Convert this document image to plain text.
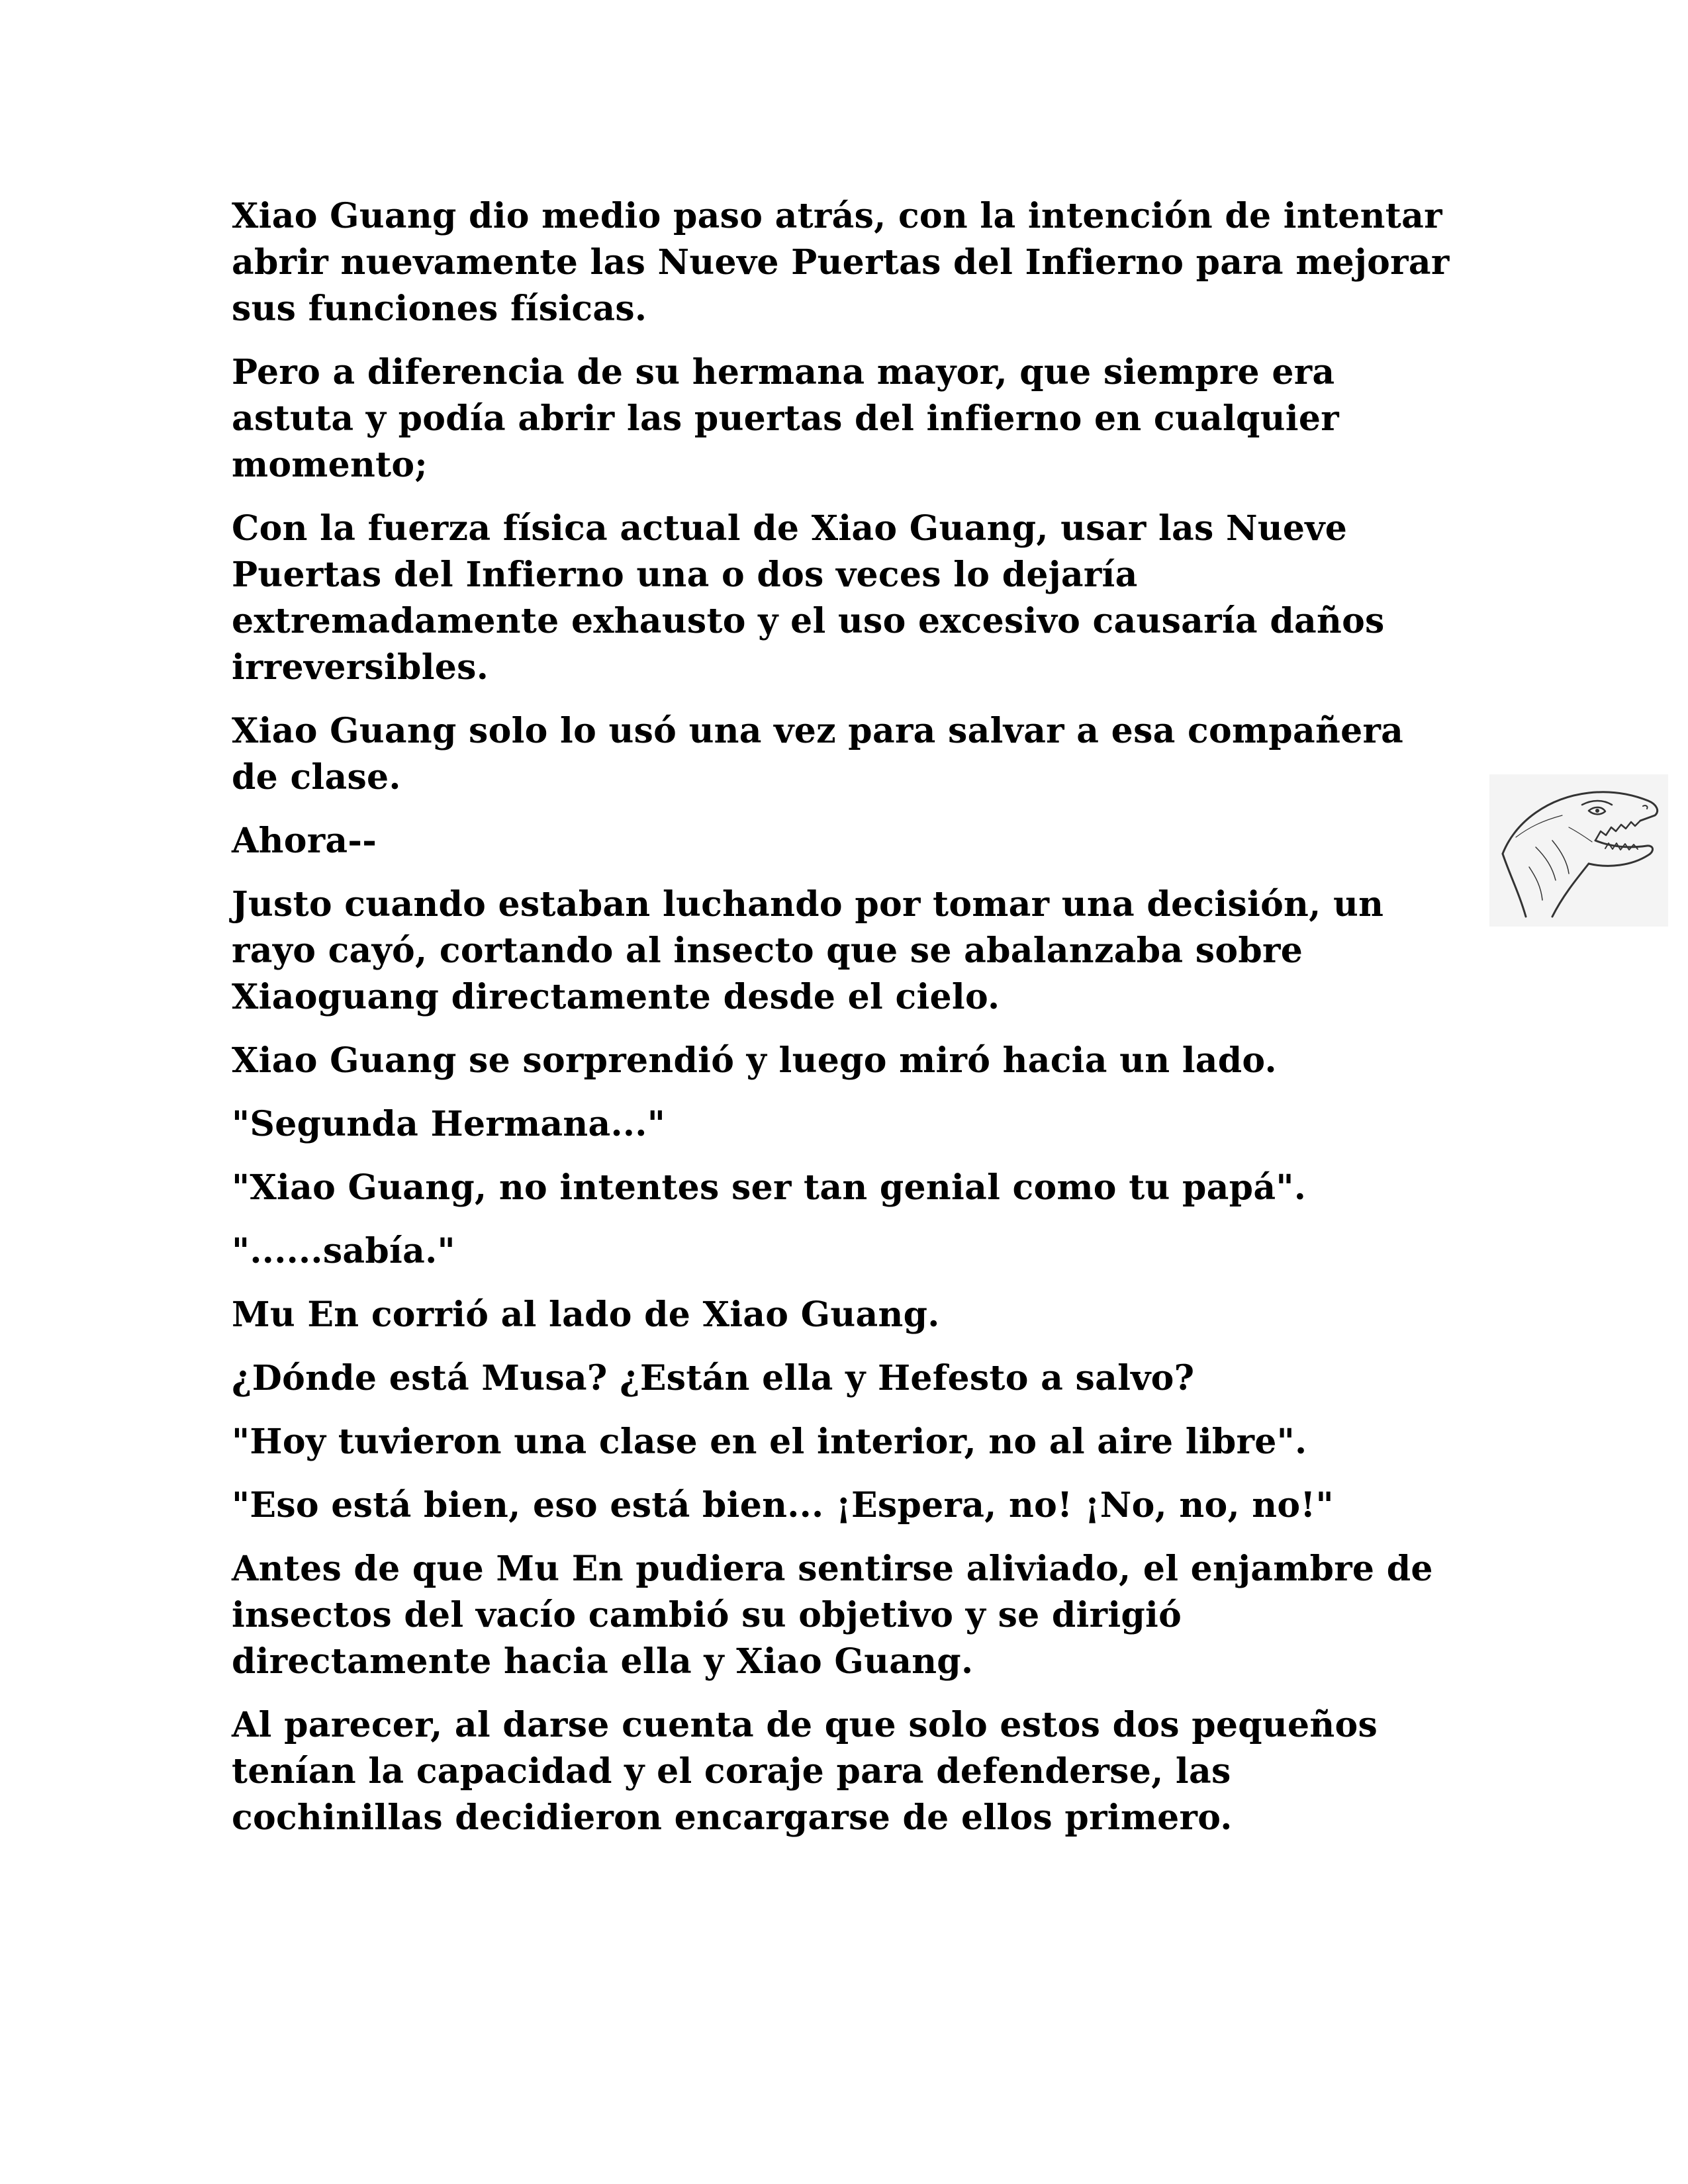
Xiao Guang dio medio paso atrás, con la intención de intentar abrir nuevamente las Nueve Puertas del Infierno para mejorar sus funciones físicas.

Pero a diferencia de su hermana mayor, que siempre era astuta y podía abrir las puertas del infierno en cualquier momento;

Con la fuerza física actual de Xiao Guang, usar las Nueve Puertas del Infierno una o dos veces lo dejaría extremadamente exhausto y el uso excesivo causaría daños irreversibles.

Xiao Guang solo lo usó una vez para salvar a esa compañera de clase.

Ahora--

Justo cuando estaban luchando por tomar una decisión, un rayo cayó, cortando al insecto que se abalanzaba sobre Xiaoguang directamente desde el cielo.

Xiao Guang se sorprendió y luego miró hacia un lado.

"Segunda Hermana..."

"Xiao Guang, no intentes ser tan genial como tu papá".

"......sabía."

Mu En corrió al lado de Xiao Guang.

¿Dónde está Musa? ¿Están ella y Hefesto a salvo?

"Hoy tuvieron una clase en el interior, no al aire libre".

"Eso está bien, eso está bien... ¡Espera, no! ¡No, no, no!"

Antes de que Mu En pudiera sentirse aliviado, el enjambre de insectos del vacío cambió su objetivo y se dirigió directamente hacia ella y Xiao Guang.

Al parecer, al darse cuenta de que solo estos dos pequeños tenían la capacidad y el coraje para defenderse, las cochinillas decidieron encargarse de ellos primero.
